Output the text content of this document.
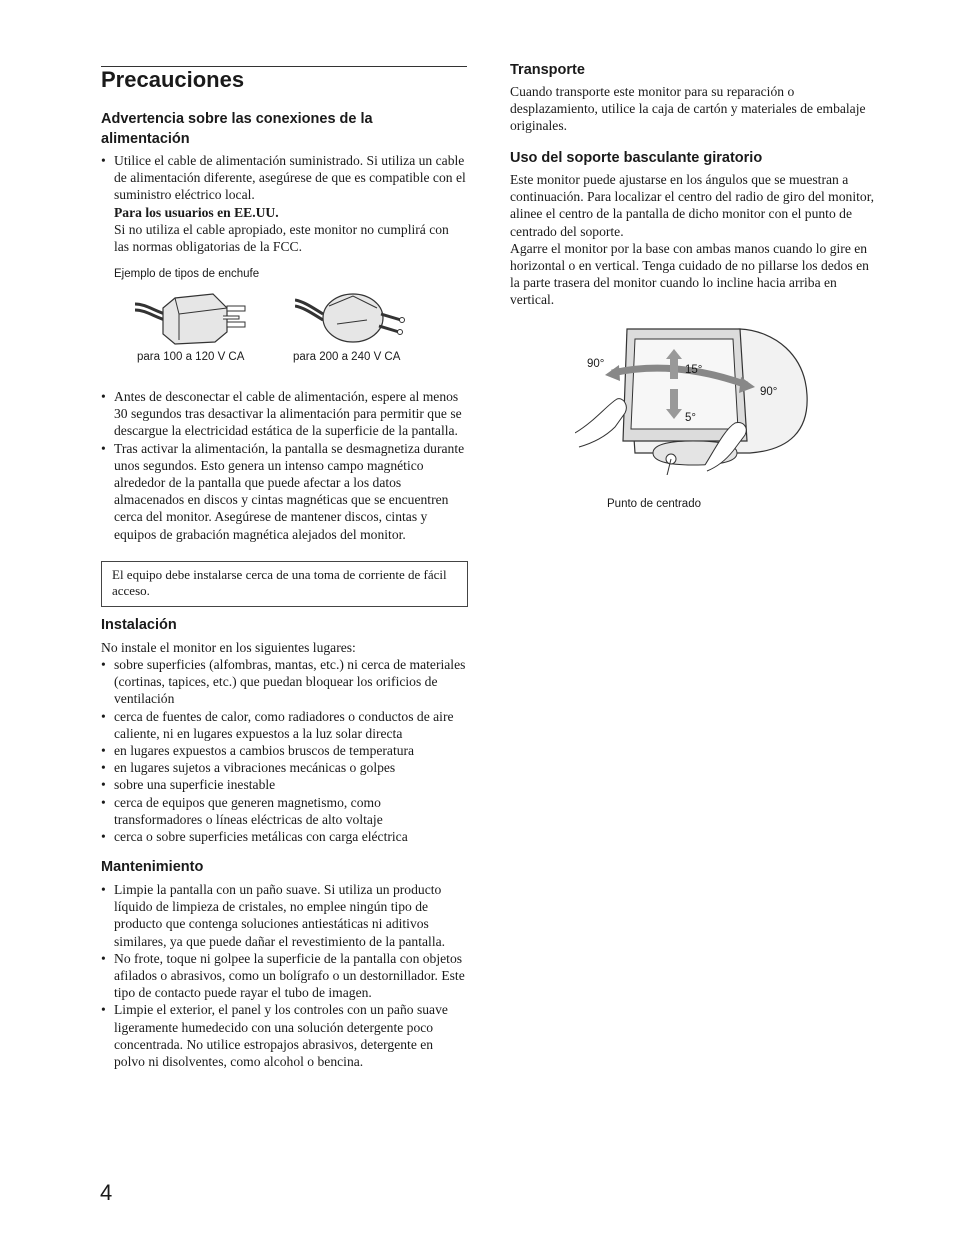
Precauciones
Advertencia sobre las conexiones de la alimentación
• Utilice el cable de alimentación suministrado. Si utiliza un cable de alimentación diferente, asegúrese de que es compatible con el suministro eléctrico local.
Para los usuarios en EE.UU.
Si no utiliza el cable apropiado, este monitor no cumplirá con las normas obligatorias de la FCC.
Ejemplo de tipos de enchufe
para 100 a 120 V CA	para 200 a 240 V CA
• Antes de desconectar el cable de alimentación, espere al menos 30 segundos tras desactivar la alimentación para permitir que se descargue la electricidad estática de la superficie de la pantalla.
• Tras activar la alimentación, la pantalla se desmagnetiza durante unos segundos. Esto genera un intenso campo magnético alrededor de la pantalla que puede afectar a los datos almacenados en discos y cintas magnéticas que se encuentren cerca del monitor. Asegúrese de mantener discos, cintas y equipos de grabación magnética alejados del monitor.
El equipo debe instalarse cerca de una toma de corriente de fácil acceso.
Instalación

No instale el monitor en los siguientes lugares:

• sobre superficies (alfombras, mantas, etc.) ni cerca de materiales (cortinas, tapices, etc.) que puedan bloquear los orificios de ventilación
• cerca de fuentes de calor, como radiadores o conductos de aire caliente, ni en lugares expuestos a la luz solar directa
• en lugares expuestos a cambios bruscos de temperatura
• en lugares sujetos a vibraciones mecánicas o golpes
• sobre una superficie inestable
• cerca de equipos que generen magnetismo, como transformadores o líneas eléctricas de alto voltaje
• cerca o sobre superficies metálicas con carga eléctrica
Mantenimiento
• Limpie la pantalla con un paño suave. Si utiliza un producto líquido de limpieza de cristales, no emplee ningún tipo de producto que contenga soluciones antiestáticas ni aditivos similares, ya que puede dañar el revestimiento de la pantalla.
• No frote, toque ni golpee la superficie de la pantalla con objetos afilados o abrasivos, como un bolígrafo o un destornillador. Este tipo de contacto puede rayar el tubo de imagen.
• Limpie el exterior, el panel y los controles con un paño suave ligeramente humedecido con una solución detergente poco concentrada. No utilice estropajos abrasivos, detergente en polvo ni disolventes, como alcohol o bencina.
Transporte

Cuando transporte este monitor para su reparación o desplazamiento, utilice la caja de cartón y materiales de embalaje originales.

Uso del soporte basculante giratorio

Este monitor puede ajustarse en los ángulos que se muestran a continuación. Para localizar el centro del radio de giro del monitor, alinee el centro de la pantalla de dicho monitor con el punto de centrado del soporte.
Agarre el monitor por la base con ambas manos cuando lo gire en horizontal o en vertical. Tenga cuidado de no pillarse los dedos en la parte trasera del monitor cuando lo incline hacia arriba en vertical.

90°
90°
15°
5°
Punto de centrado
4
